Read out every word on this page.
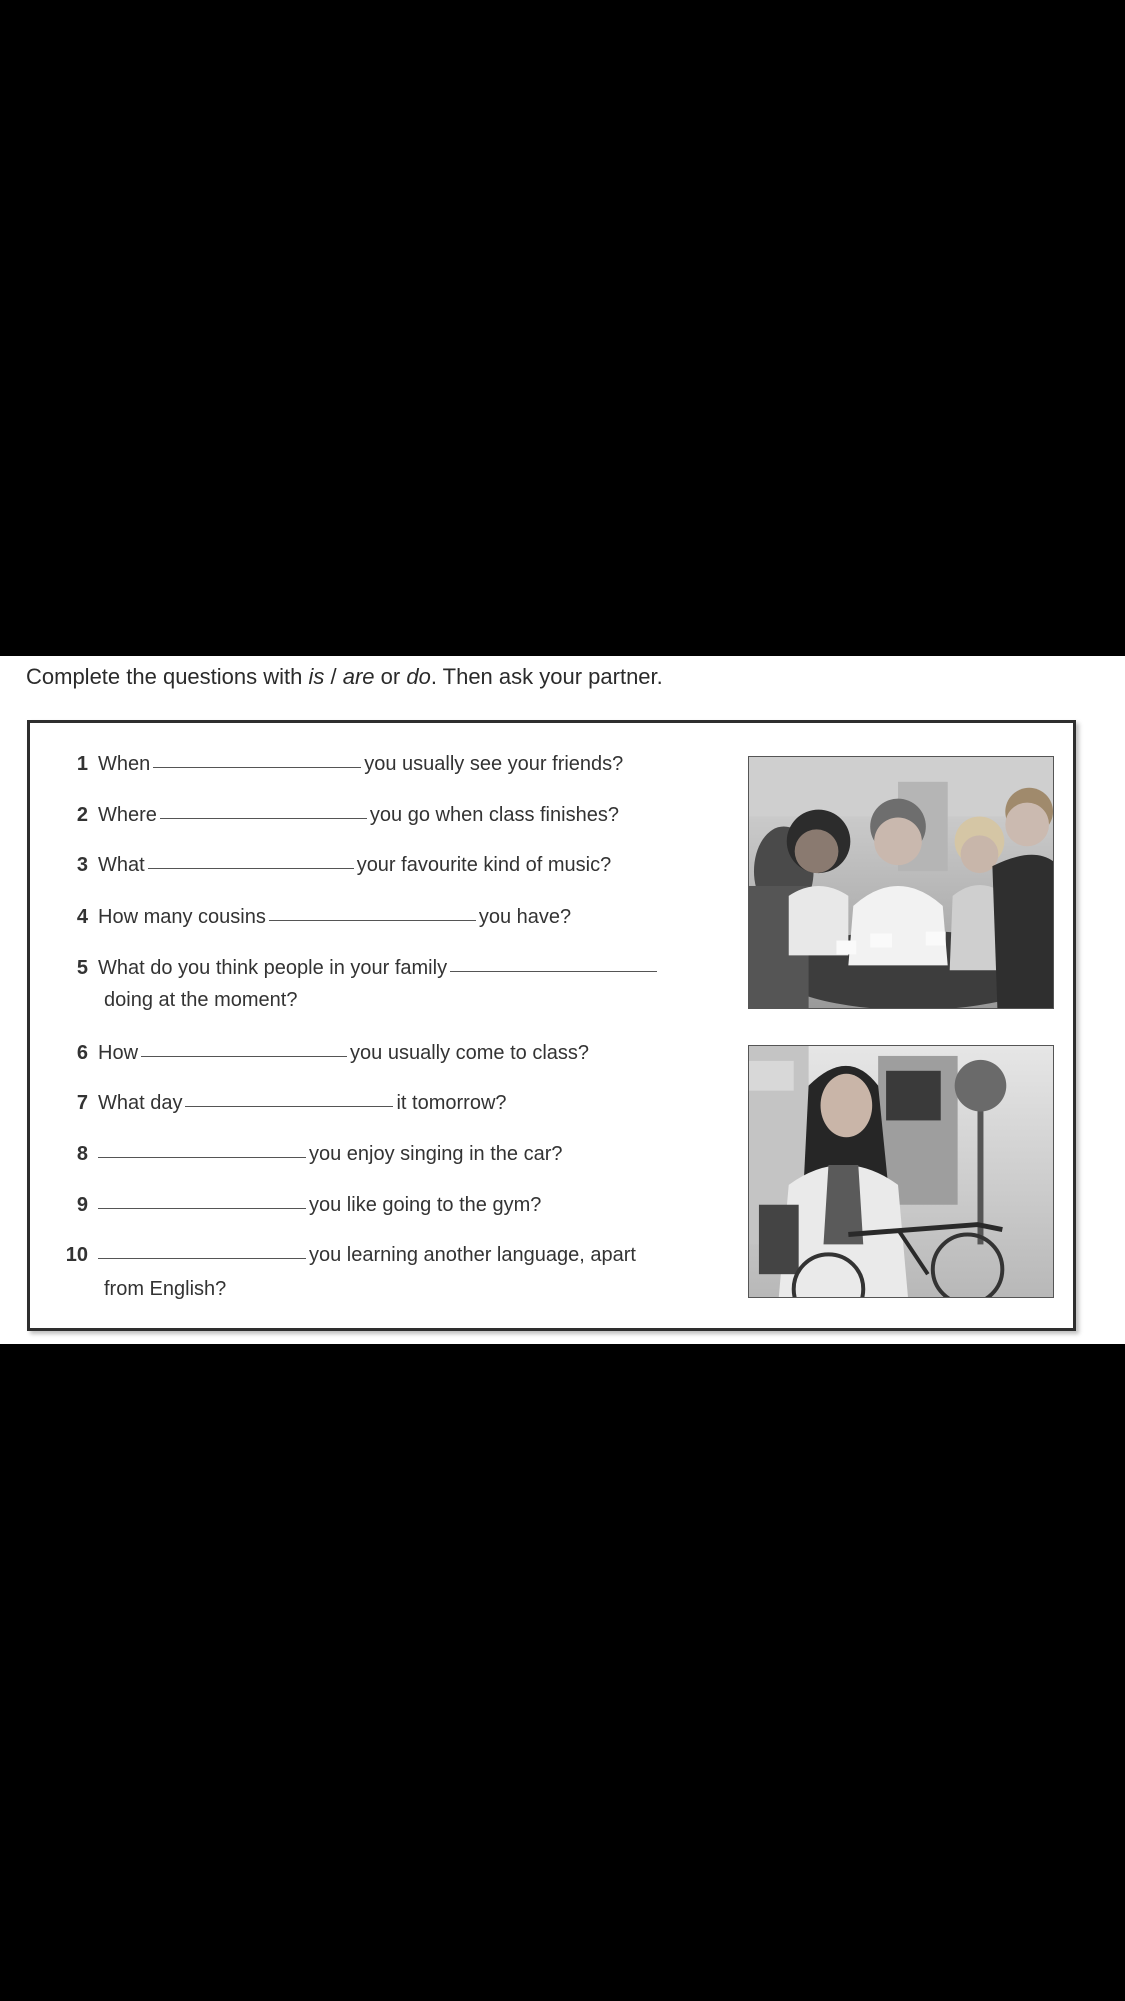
Complete the questions with is / are or do. Then ask your partner.
1 When	you usually see your friends?
2 Where	you go when class finishes?
3 What	your favourite kind of music?
4 How many cousins	you have?
5 What do you think people in your family
doing at the moment?
6 How	you usually come to class?
7 What day	it tomorrow?
8	you enjoy singing in the car?
9	you like going to the gym?
10	you learning another language, apart
from English?
